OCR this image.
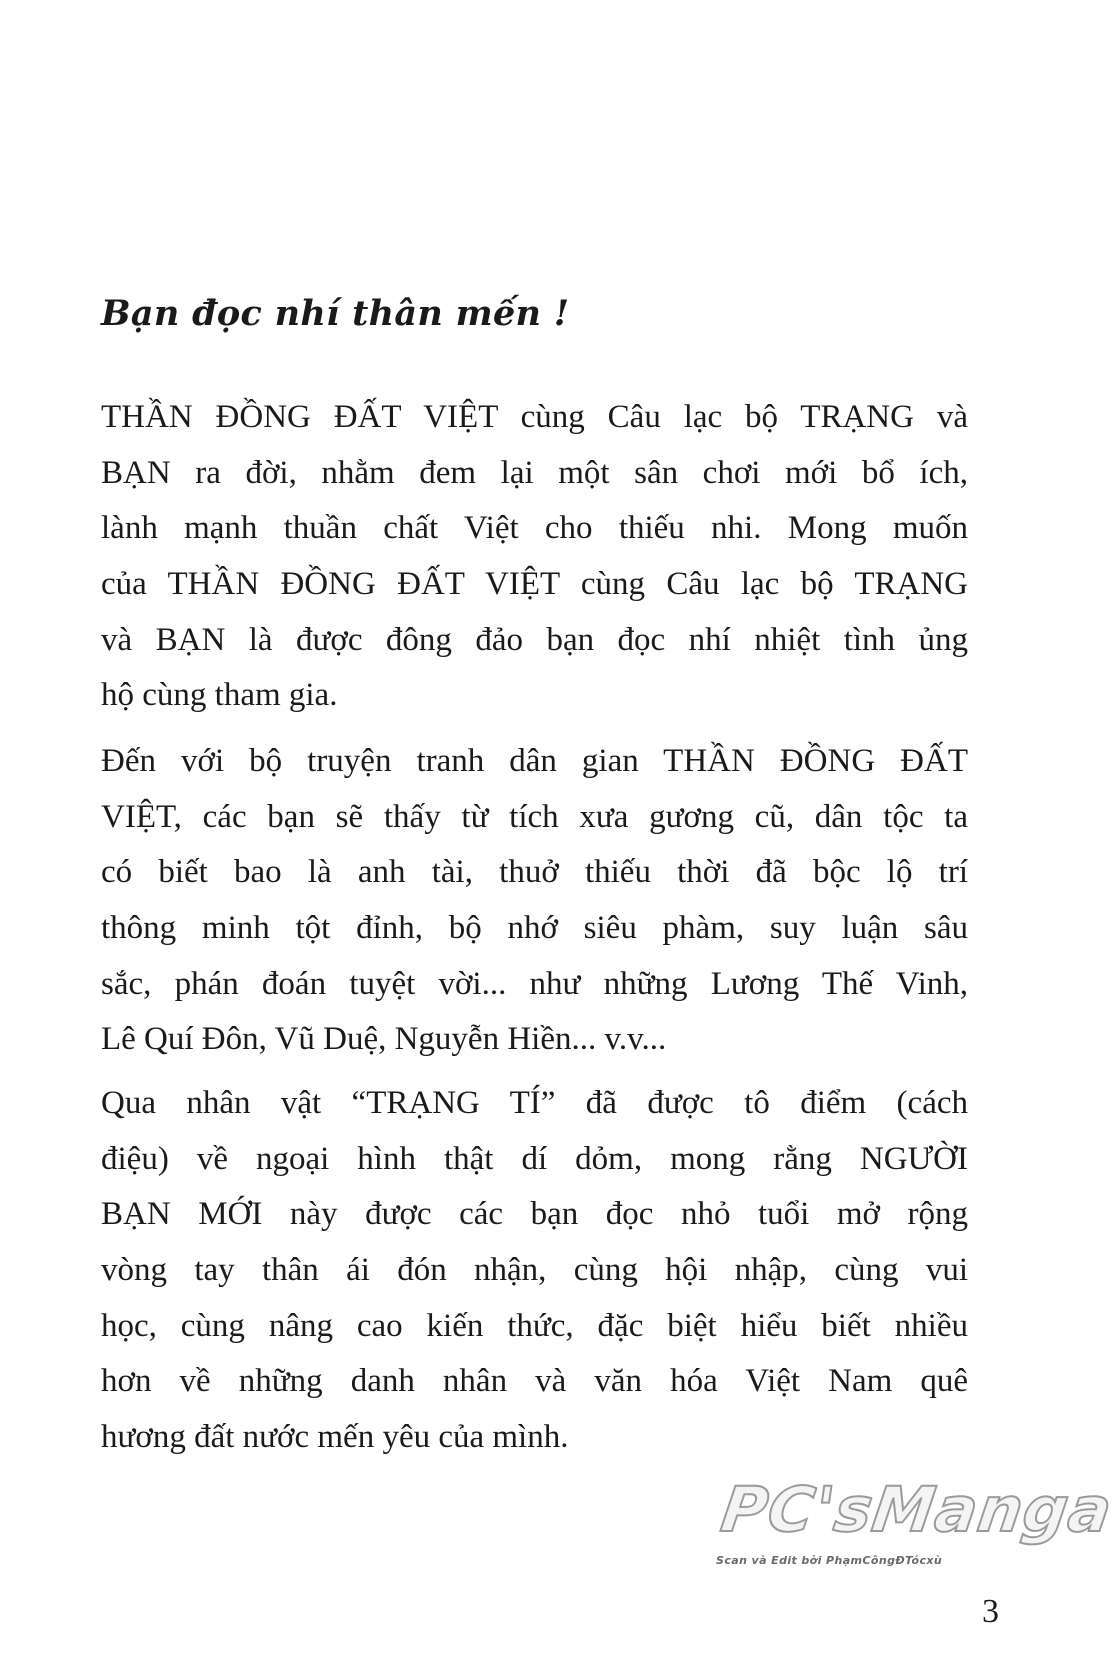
Bạn đọc nhí thân mến !
THẦN ĐỒNG ĐẤT VIỆT cùng Câu lạc bộ TRẠNG và
BẠN ra đời, nhằm đem lại một sân chơi mới bổ ích,
lành mạnh thuần chất Việt cho thiếu nhi. Mong muốn
của THẦN ĐỒNG ĐẤT VIỆT cùng Câu lạc bộ TRẠNG
và BẠN là được đông đảo bạn đọc nhí nhiệt tình ủng
hộ cùng tham gia.
Đến với bộ truyện tranh dân gian THẦN ĐỒNG ĐẤT
VIỆT, các bạn sẽ thấy từ tích xưa gương cũ, dân tộc ta
có biết bao là anh tài, thuở thiếu thời đã bộc lộ trí
thông minh tột đỉnh, bộ nhớ siêu phàm, suy luận sâu
sắc, phán đoán tuyệt vời... như những Lương Thế Vinh,
Lê Quí Đôn, Vũ Duệ, Nguyễn Hiền... v.v...
Qua nhân vật “TRẠNG TÍ” đã được tô điểm (cách
điệu) về ngoại hình thật dí dỏm, mong rằng NGƯỜI
BẠN MỚI này được các bạn đọc nhỏ tuổi mở rộng
vòng tay thân ái đón nhận, cùng hội nhập, cùng vui
học, cùng nâng cao kiến thức, đặc biệt hiểu biết nhiều
hơn về những danh nhân và văn hóa Việt Nam quê
hương đất nước mến yêu của mình.
PC'sManga
Scan và Edit bởi PhạmCôngĐTócxù
3
